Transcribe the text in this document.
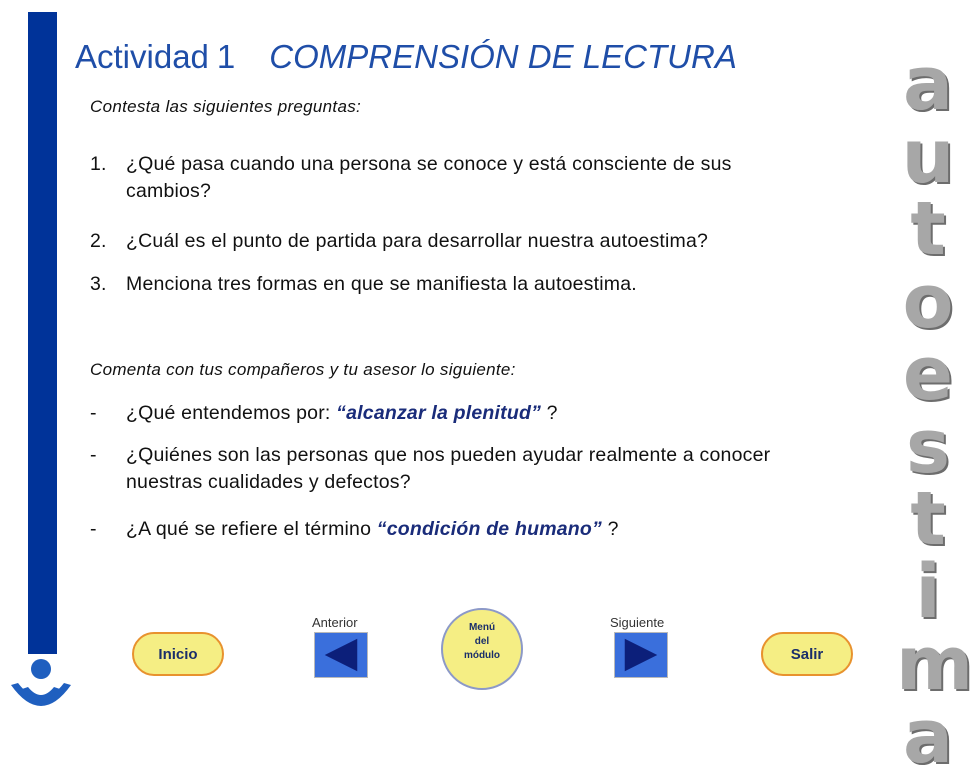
Actividad 1 COMPRENSIÓN DE LECTURA
Contesta las siguientes preguntas:
1. ¿Qué pasa cuando una persona se conoce y está consciente de sus cambios?
2. ¿Cuál es el punto de partida para desarrollar nuestra autoestima?
3. Menciona tres formas en que se manifiesta la autoestima.
Comenta con tus compañeros y tu asesor lo siguiente:
- ¿Qué entendemos por: “alcanzar la plenitud” ?
- ¿Quiénes son las personas que nos pueden ayudar realmente a conocer nuestras cualidades y defectos?
- ¿A qué se refiere el término “condición de humano” ?
a
u
t
o
e
s
t
i
m
a
Inicio	Salir
Anterior	Menú
del
módulo
Siguiente
